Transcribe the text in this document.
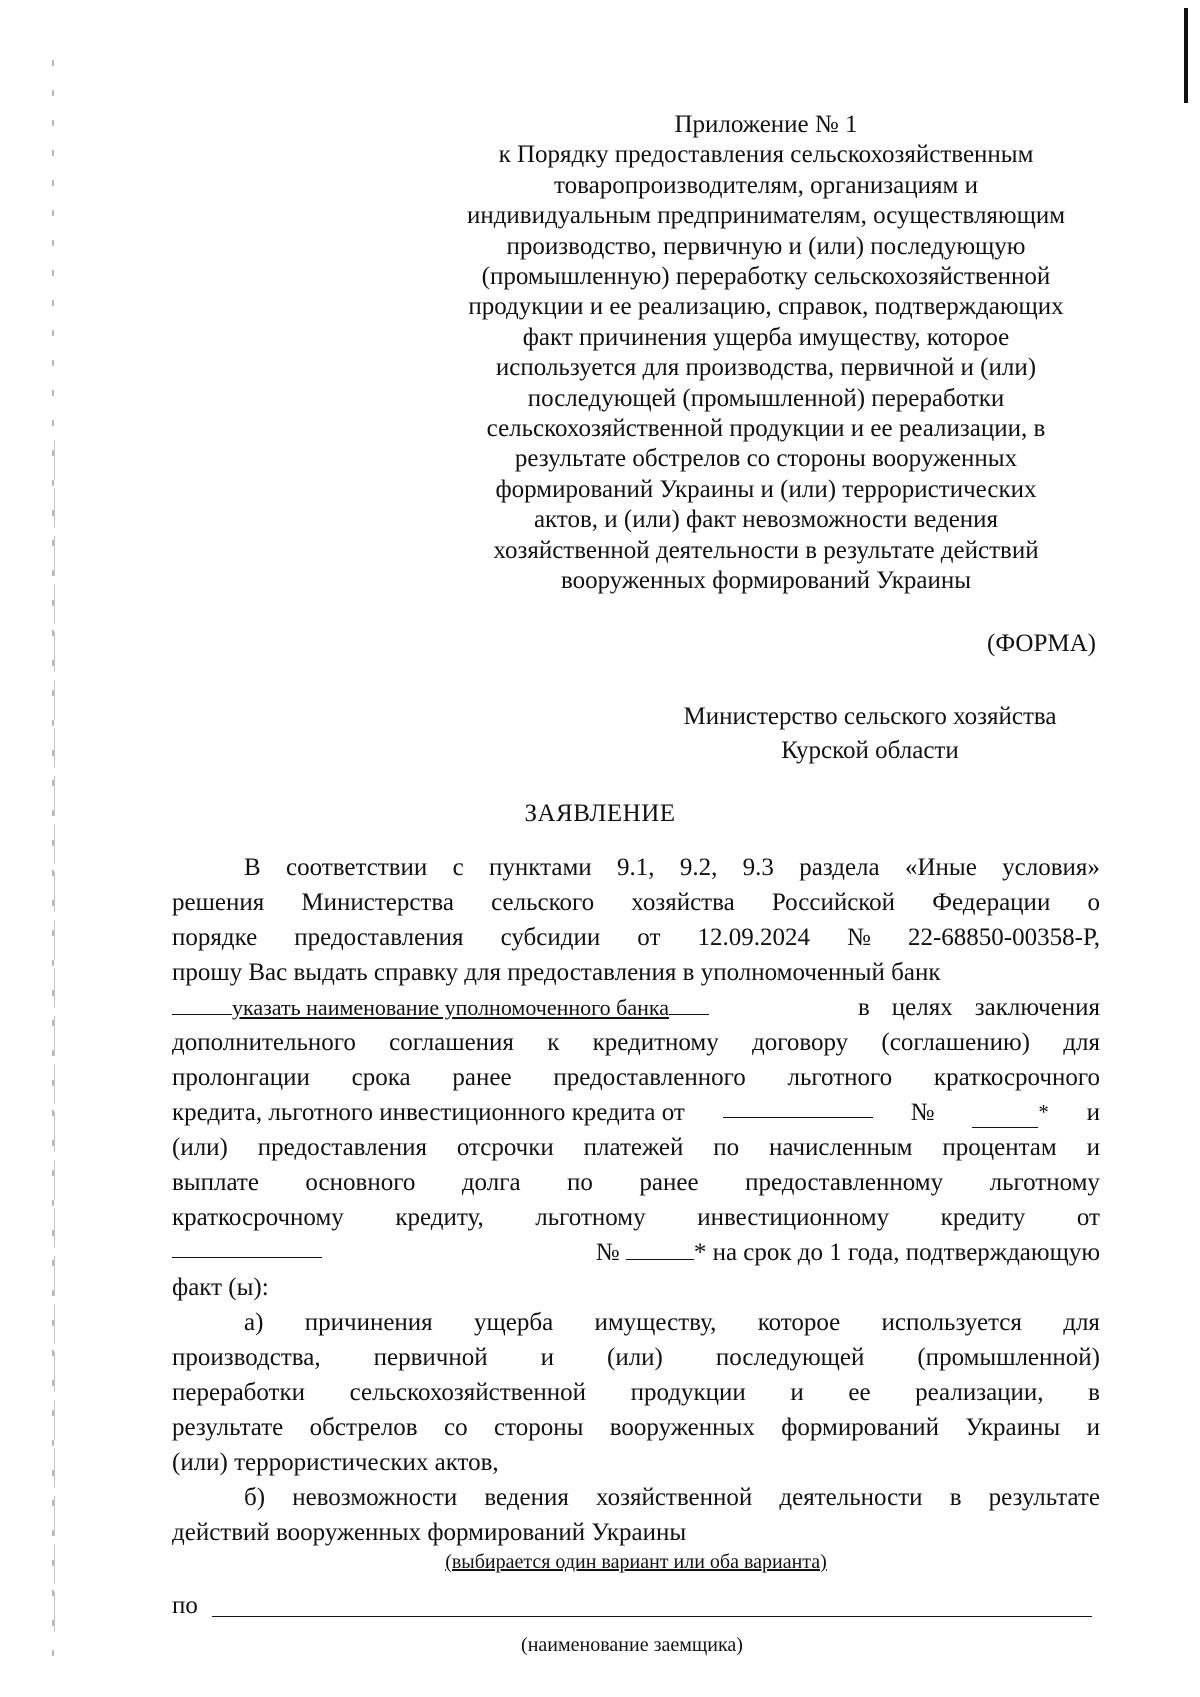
Приложение № 1
к Порядку предоставления сельскохозяйственным
товаропроизводителям, организациям и
индивидуальным предпринимателям, осуществляющим
производство, первичную и (или) последующую
(промышленную) переработку сельскохозяйственной
продукции и ее реализацию, справок, подтверждающих
факт причинения ущерба имуществу, которое
используется для производства, первичной и (или)
последующей (промышленной) переработки
сельскохозяйственной продукции и ее реализации, в
результате обстрелов со стороны вооруженных
формирований Украины и (или) террористических
актов, и (или) факт невозможности ведения
хозяйственной деятельности в результате действий
вооруженных формирований Украины
(ФОРМА)
Министерство сельского хозяйства
Курской области
ЗАЯВЛЕНИЕ
В соответствии с пунктами 9.1, 9.2, 9.3 раздела «Иные условия»
решения Министерства сельского хозяйства Российской Федерации о
порядке предоставления субсидии от 12.09.2024 № 22-68850-00358-Р,
прошу Вас выдать справку для предоставления в уполномоченный банк
указать наименование уполномоченного банка	в целях заключения
дополнительного соглашения к кредитному договору (соглашению) для
пролонгации срока ранее предоставленного льготного краткосрочного
кредита, льготного инвестиционного кредита от	№	* и
(или) предоставления отсрочки платежей по начисленным процентам и
выплате основного долга по ранее предоставленному льготному
краткосрочному кредиту, льготному инвестиционному кредиту от
№	* на срок до 1 года, подтверждающую
факт (ы):
а) причинения ущерба имуществу, которое используется для
производства, первичной и (или) последующей (промышленной)
переработки сельскохозяйственной продукции и ее реализации, в
результате обстрелов со стороны вооруженных формирований Украины и
(или) террористических актов,
б) невозможности ведения хозяйственной деятельности в результате
действий вооруженных формирований Украины
(выбирается один вариант или оба варианта)
по
(наименование заемщика)
